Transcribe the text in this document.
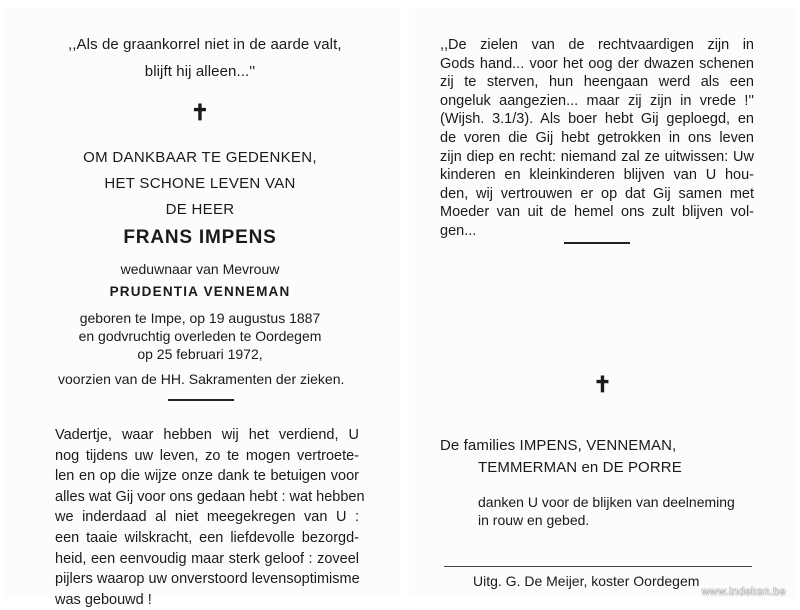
,,Als de graankorrel niet in de aarde valt,
blijft hij alleen...''
✝
OM DANKBAAR TE GEDENKEN,
HET SCHONE LEVEN VAN
DE HEER
FRANS IMPENS
weduwnaar van Mevrouw
PRUDENTIA VENNEMAN
geboren te Impe, op 19 augustus 1887
en godvruchtig overleden te Oordegem
op 25 februari 1972,
voorzien van de HH. Sakramenten der zieken.
Vadertje, waar hebben wij het verdiend, U
nog tijdens uw leven, zo te mogen vertroete-
len en op die wijze onze dank te betuigen voor
alles wat Gij voor ons gedaan hebt : wat hebben
we inderdaad al niet meegekregen van U :
een taaie wilskracht, een liefdevolle bezorgd-
heid, een eenvoudig maar sterk geloof : zoveel
pijlers waarop uw onverstoord levensoptimisme
was gebouwd !
,,De zielen van de rechtvaardigen zijn in
Gods hand... voor het oog der dwazen schenen
zij te sterven, hun heengaan werd als een
ongeluk aangezien... maar zij zijn in vrede !''
(Wijsh. 3.1/3). Als boer hebt Gij geploegd, en
de voren die Gij hebt getrokken in ons leven
zijn diep en recht: niemand zal ze uitwissen: Uw
kinderen en kleinkinderen blijven van U hou-
den, wij vertrouwen er op dat Gij samen met
Moeder van uit de hemel ons zult blijven vol-
gen...
✝
De families IMPENS, VENNEMAN,
TEMMERMAN en DE PORRE
danken U voor de blijken van deelneming
in rouw en gebed.
Uitg. G. De Meijer, koster Oordegem
www.indeken.be
